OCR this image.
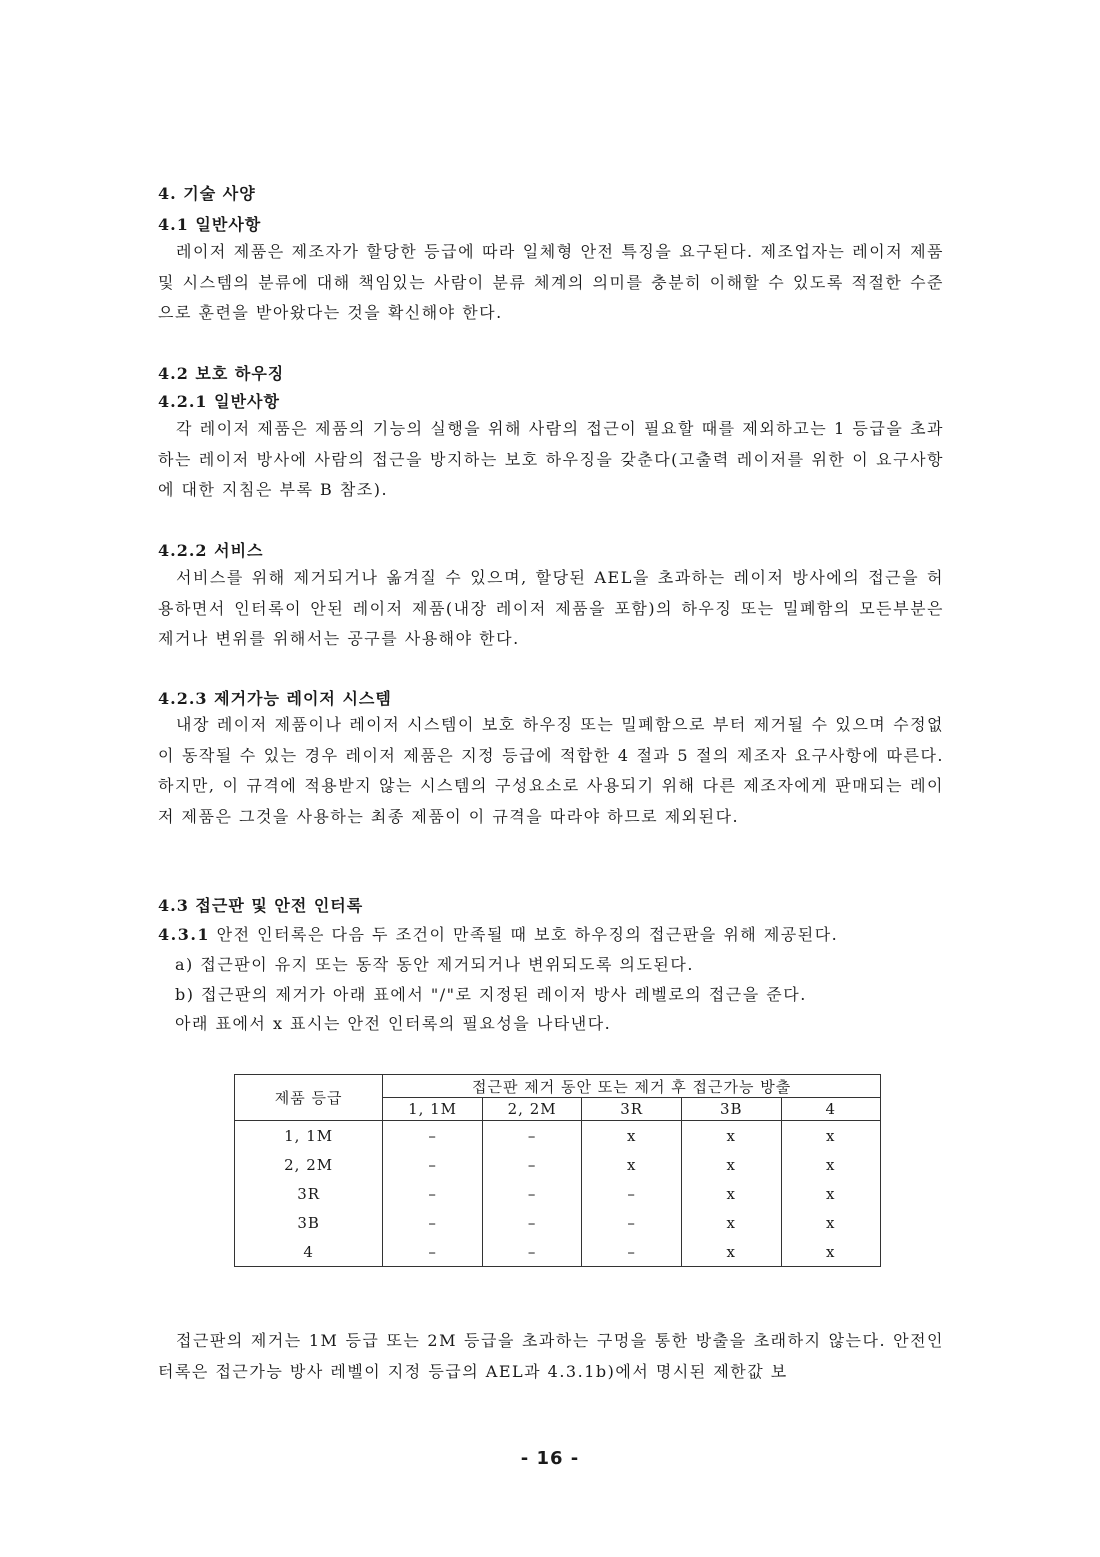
4. 기술 사양
4.1 일반사항
레이저 제품은 제조자가 할당한 등급에 따라 일체형 안전 특징을 요구된다. 제조업자는 레이저 제품 및 시스템의 분류에 대해 책임있는 사람이 분류 체계의 의미를 충분히 이해할 수 있도록 적절한 수준으로 훈련을 받아왔다는 것을 확신해야 한다.
4.2 보호 하우징
4.2.1 일반사항
각 레이저 제품은 제품의 기능의 실행을 위해 사람의 접근이 필요할 때를 제외하고는 1 등급을 초과하는 레이저 방사에 사람의 접근을 방지하는 보호 하우징을 갖춘다(고출력 레이저를 위한 이 요구사항에 대한 지침은 부록 B 참조).
4.2.2 서비스
서비스를 위해 제거되거나 옮겨질 수 있으며, 할당된 AEL을 초과하는 레이저 방사에의 접근을 허용하면서 인터록이 안된 레이저 제품(내장 레이저 제품을 포함)의 하우징 또는 밀폐함의 모든부분은 제거나 변위를 위해서는 공구를 사용해야 한다.
4.2.3 제거가능 레이저 시스템
내장 레이저 제품이나 레이저 시스템이 보호 하우징 또는 밀폐함으로 부터 제거될 수 있으며 수정없이 동작될 수 있는 경우 레이저 제품은 지정 등급에 적합한 4 절과 5 절의 제조자 요구사항에 따른다. 하지만, 이 규격에 적용받지 않는 시스템의 구성요소로 사용되기 위해 다른 제조자에게 판매되는 레이저 제품은 그것을 사용하는 최종 제품이 이 규격을 따라야 하므로 제외된다.
4.3 접근판 및 안전 인터록
4.3.1 안전 인터록은 다음 두 조건이 만족될 때 보호 하우징의 접근판을 위해 제공된다.
a) 접근판이 유지 또는 동작 동안 제거되거나 변위되도록 의도된다.
b) 접근판의 제거가 아래 표에서 "/"로 지정된 레이저 방사 레벨로의 접근을 준다.
아래 표에서 x 표시는 안전 인터록의 필요성을 나타낸다.
제품 등급	접근판 제거 동안 또는 제거 후 접근가능 방출				
	1, 1M	2, 2M	3R	3B	4
1, 1M	–	–	x	x	x
2, 2M	–	–	x	x	x
3R	–	–	–	x	x
3B	–	–	–	x	x
4	–	–	–	x	x
접근판의 제거는 1M 등급 또는 2M 등급을 초과하는 구멍을 통한 방출을 초래하지 않는다. 안전인터록은 접근가능 방사 레벨이 지정 등급의 AEL과 4.3.1b)에서 명시된 제한값 보
- 16 -
